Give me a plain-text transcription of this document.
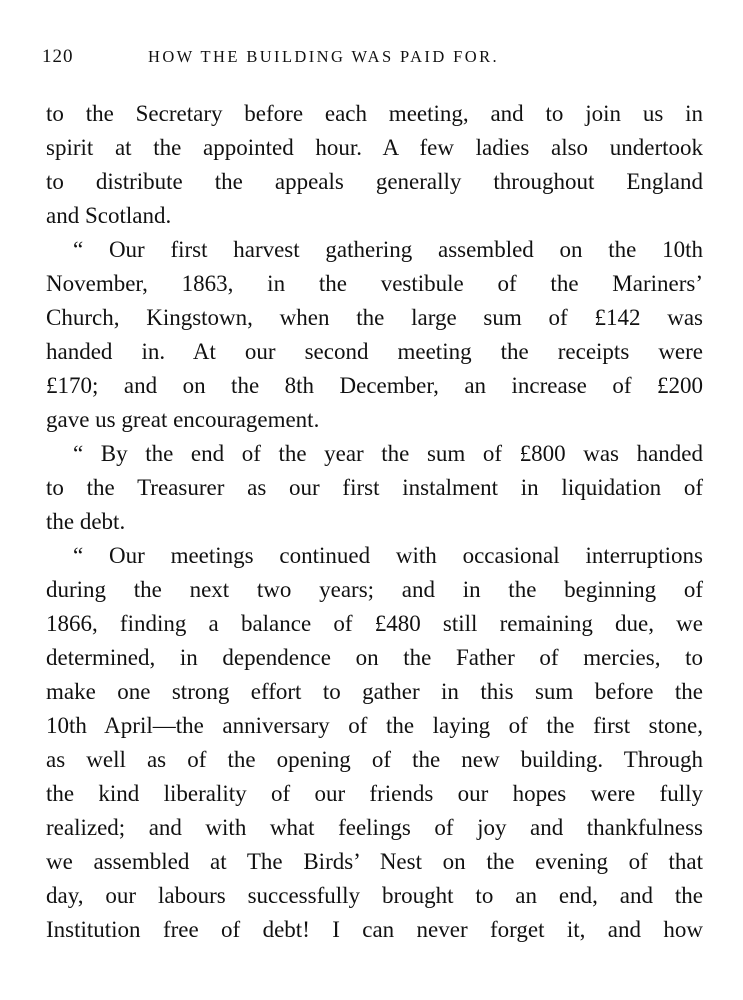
120	HOW THE BUILDING WAS PAID FOR.
to the Secretary before each meeting, and to join us in
spirit at the appointed hour. A few ladies also undertook
to distribute the appeals generally throughout England
and Scotland.
“ Our first harvest gathering assembled on the 10th
November, 1863, in the vestibule of the Mariners’
Church, Kingstown, when the large sum of £142 was
handed in. At our second meeting the receipts were
£170; and on the 8th December, an increase of £200
gave us great encouragement.
“ By the end of the year the sum of £800 was handed
to the Treasurer as our first instalment in liquidation of
the debt.
“ Our meetings continued with occasional interruptions
during the next two years; and in the beginning of
1866, finding a balance of £480 still remaining due, we
determined, in dependence on the Father of mercies, to
make one strong effort to gather in this sum before the
10th April—the anniversary of the laying of the first stone,
as well as of the opening of the new building. Through
the kind liberality of our friends our hopes were fully
realized; and with what feelings of joy and thankfulness
we assembled at The Birds’ Nest on the evening of that
day, our labours successfully brought to an end, and the
Institution free of debt! I can never forget it, and how
